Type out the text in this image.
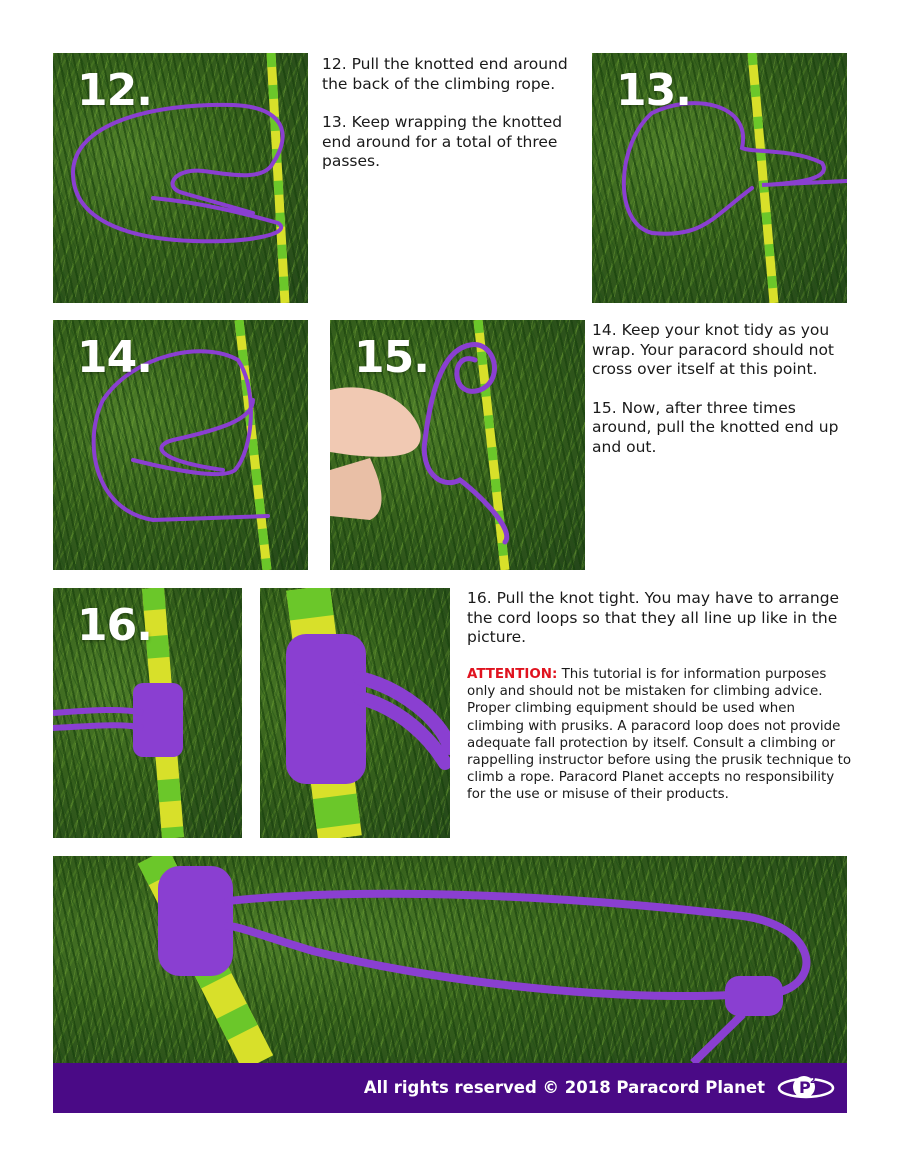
12.

12. Pull the knotted end around the back of the climbing rope.

13. Keep wrapping the knotted end around for a total of three passes.

13.
14.	15.

14. Keep your knot tidy as you wrap. Your paracord should not cross over itself at this point.

15. Now, after three times around, pull the knotted end up and out.

16.

16. Pull the knot tight. You may have to arrange the cord loops so that they all line up like in the picture.

ATTENTION: This tutorial is for information purposes only and should not be mistaken for climbing advice. Proper climbing equipment should be used when climbing with prusiks. A paracord loop does not provide adequate fall protection by itself. Consult a climbing or rappelling instructor before using the prusik technique to climb a rope. Paracord Planet accepts no responsibility for the use or misuse of their products.
All rights reserved © 2018 Paracord Planet P 2
